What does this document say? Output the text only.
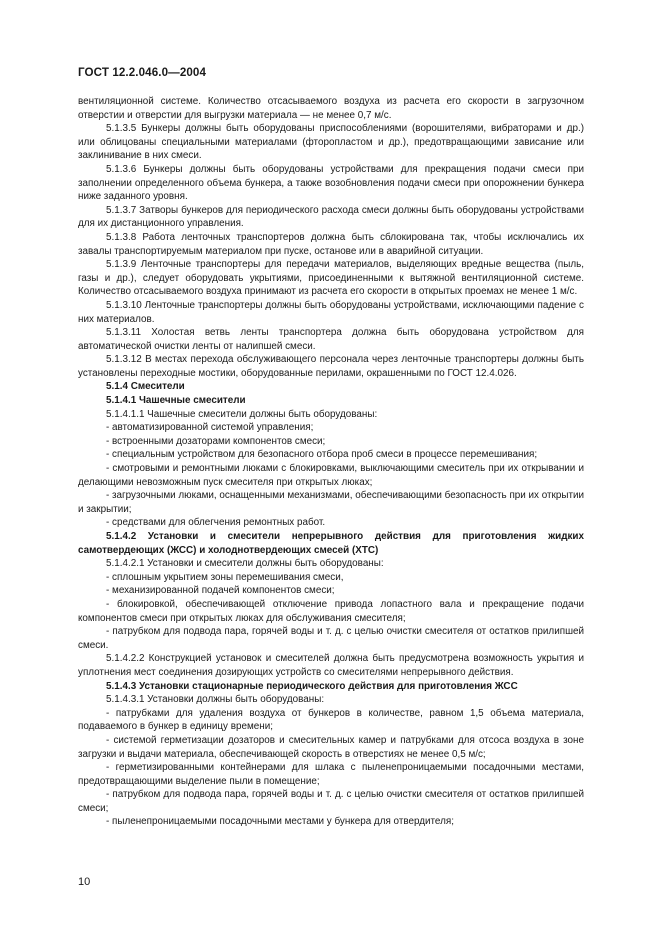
ГОСТ 12.2.046.0—2004

вентиляционной системе. Количество отсасываемого воздуха из расчета его скорости в загрузочном отверстии и отверстии для выгрузки материала — не менее 0,7 м/с.

5.1.3.5 Бункеры должны быть оборудованы приспособлениями (ворошителями, вибраторами и др.) или облицованы специальными материалами (фторопластом и др.), предотвращающими зависание или заклинивание в них смеси.

5.1.3.6 Бункеры должны быть оборудованы устройствами для прекращения подачи смеси при заполнении определенного объема бункера, а также возобновления подачи смеси при опорожнении бункера ниже заданного уровня.

5.1.3.7 Затворы бункеров для периодического расхода смеси должны быть оборудованы устройствами для их дистанционного управления.

5.1.3.8 Работа ленточных транспортеров должна быть сблокирована так, чтобы исключались их завалы транспортируемым материалом при пуске, останове или в аварийной ситуации.

5.1.3.9 Ленточные транспортеры для передачи материалов, выделяющих вредные вещества (пыль, газы и др.), следует оборудовать укрытиями, присоединенными к вытяжной вентиляционной системе. Количество отсасываемого воздуха принимают из расчета его скорости в открытых проемах не менее 1 м/с.

5.1.3.10 Ленточные транспортеры должны быть оборудованы устройствами, исключающими падение с них материалов.

5.1.3.11 Холостая ветвь ленты транспортера должна быть оборудована устройством для автоматической очистки ленты от налипшей смеси.

5.1.3.12 В местах перехода обслуживающего персонала через ленточные транспортеры должны быть установлены переходные мостики, оборудованные перилами, окрашенными по ГОСТ 12.4.026.

5.1.4 Смесители

5.1.4.1 Чашечные смесители

5.1.4.1.1 Чашечные смесители должны быть оборудованы:

- автоматизированной системой управления;

- встроенными дозаторами компонентов смеси;

- специальным устройством для безопасного отбора проб смеси в процессе перемешивания;

- смотровыми и ремонтными люками с блокировками, выключающими смеситель при их открывании и делающими невозможным пуск смесителя при открытых люках;

- загрузочными люками, оснащенными механизмами, обеспечивающими безопасность при их открытии и закрытии;

- средствами для облегчения ремонтных работ.

5.1.4.2 Установки и смесители непрерывного действия для приготовления жидких самотвердеющих (ЖСС) и холоднотвердеющих смесей (ХТС)

5.1.4.2.1 Установки и смесители должны быть оборудованы:

- сплошным укрытием зоны перемешивания смеси,

- механизированной подачей компонентов смеси;

- блокировкой, обеспечивающей отключение привода лопастного вала и прекращение подачи компонентов смеси при открытых люках для обслуживания смесителя;

- патрубком для подвода пара, горячей воды и т. д. с целью очистки смесителя от остатков прилипшей смеси.

5.1.4.2.2 Конструкцией установок и смесителей должна быть предусмотрена возможность укрытия и уплотнения мест соединения дозирующих устройств со смесителями непрерывного действия.

5.1.4.3 Установки стационарные периодического действия для приготовления ЖСС

5.1.4.3.1 Установки должны быть оборудованы:

- патрубками для удаления воздуха от бункеров в количестве, равном 1,5 объема материала, подаваемого в бункер в единицу времени;

- системой герметизации дозаторов и смесительных камер и патрубками для отсоса воздуха в зоне загрузки и выдачи материала, обеспечивающей скорость в отверстиях не менее 0,5 м/с;

- герметизированными контейнерами для шлака с пыленепроницаемыми посадочными местами, предотвращающими выделение пыли в помещение;

- патрубком для подвода пара, горячей воды и т. д. с целью очистки смесителя от остатков прилипшей смеси;

- пыленепроницаемыми посадочными местами у бункера для отвердителя;

10
